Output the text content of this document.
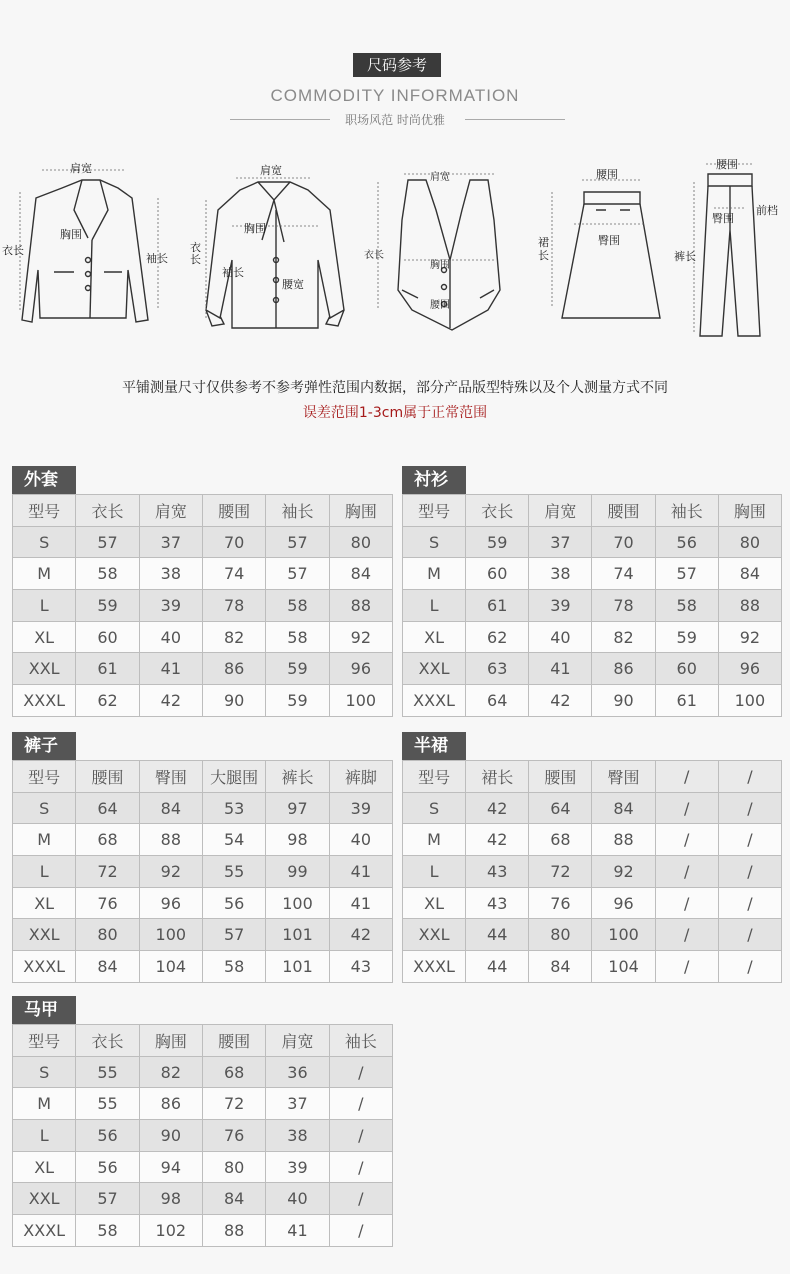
尺码参考
COMMODITY INFORMATION
职场风范 时尚优雅
肩宽
衣长
胸围
袖长
肩宽
衣长
胸围
袖长
腰宽
肩宽
衣长
胸围
腰围
腰围
裙长
臀围
腰围
臀围
前档
裤长
平铺测量尺寸仅供参考不参考弹性范围内数据，部分产品版型特殊以及个人测量方式不同
误差范围1-3cm属于正常范围
外套
型号	衣长	肩宽	腰围	袖长	胸围
S	57	37	70	57	80
M	58	38	74	57	84
L	59	39	78	58	88
XL	60	40	82	58	92
XXL	61	41	86	59	96
XXXL	62	42	90	59	100
衬衫
型号	衣长	肩宽	腰围	袖长	胸围
S	59	37	70	56	80
M	60	38	74	57	84
L	61	39	78	58	88
XL	62	40	82	59	92
XXL	63	41	86	60	96
XXXL	64	42	90	61	100
裤子
型号	腰围	臀围	大腿围	裤长	裤脚
S	64	84	53	97	39
M	68	88	54	98	40
L	72	92	55	99	41
XL	76	96	56	100	41
XXL	80	100	57	101	42
XXXL	84	104	58	101	43
半裙
型号	裙长	腰围	臀围	/	/
S	42	64	84	/	/
M	42	68	88	/	/
L	43	72	92	/	/
XL	43	76	96	/	/
XXL	44	80	100	/	/
XXXL	44	84	104	/	/
马甲
型号	衣长	胸围	腰围	肩宽	袖长
S	55	82	68	36	/
M	55	86	72	37	/
L	56	90	76	38	/
XL	56	94	80	39	/
XXL	57	98	84	40	/
XXXL	58	102	88	41	/
